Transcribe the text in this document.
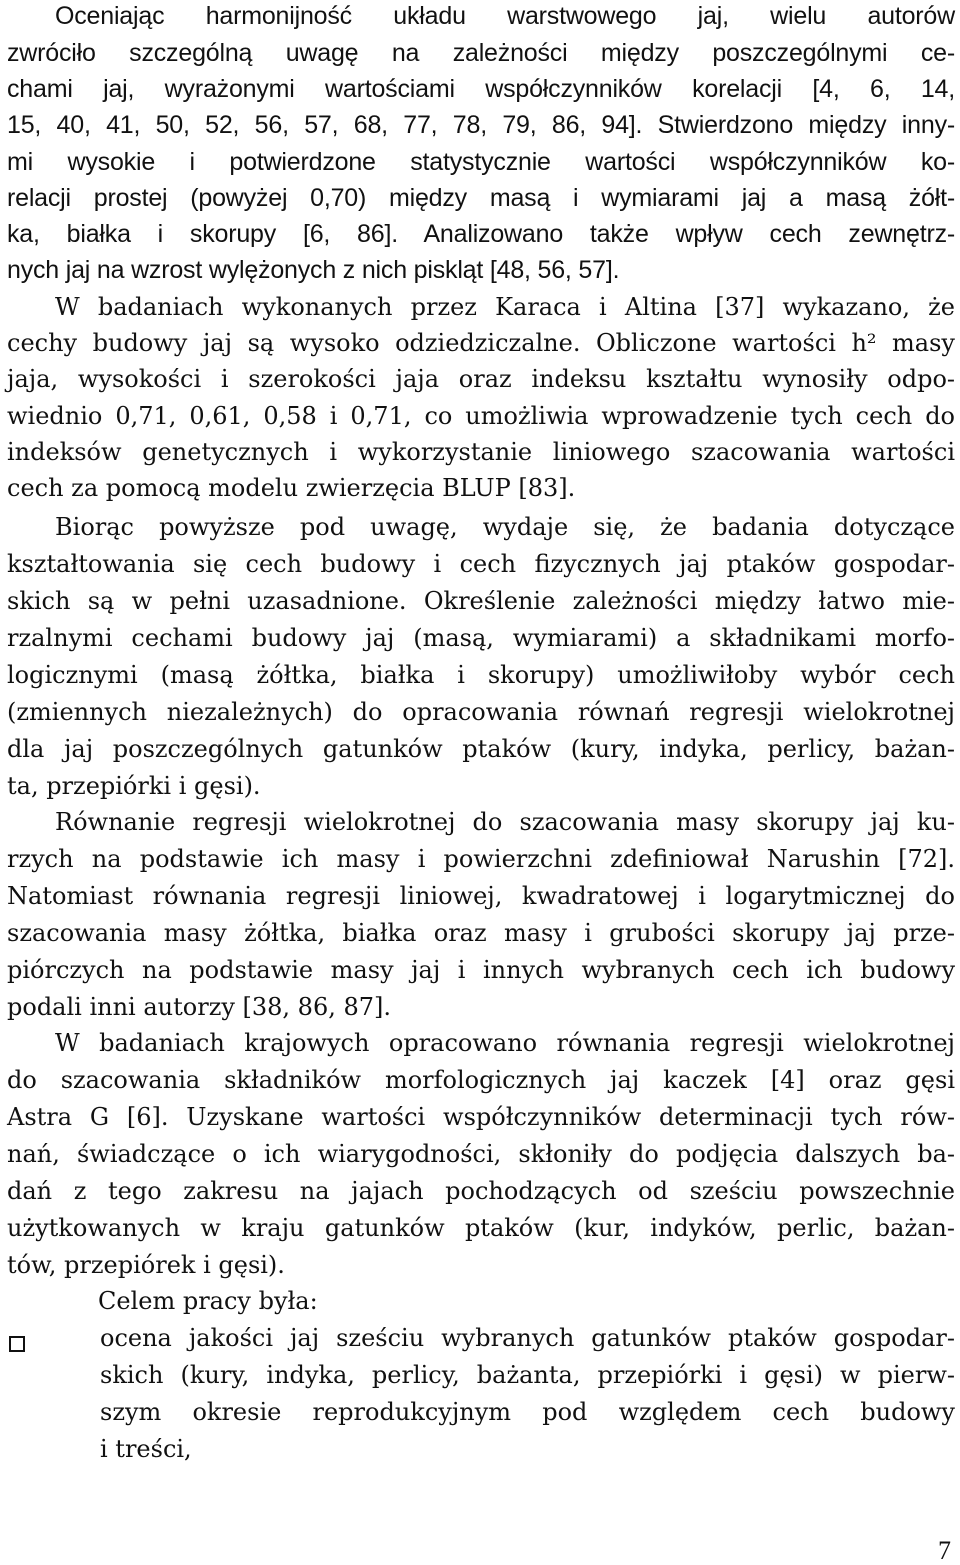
Oceniając harmonijność układu warstwowego jaj, wielu autorów
zwróciło szczególną uwagę na zależności między poszczególnymi ce-
chami jaj, wyrażonymi wartościami współczynników korelacji [4, 6, 14,
15, 40, 41, 50, 52, 56, 57, 68, 77, 78, 79, 86, 94]. Stwierdzono między inny-
mi wysokie i potwierdzone statystycznie wartości współczynników ko-
relacji prostej (powyżej 0,70) między masą i wymiarami jaj a masą żółt-
ka, białka i skorupy [6, 86]. Analizowano także wpływ cech zewnętrz-
nych jaj na wzrost wylężonych z nich piskląt [48, 56, 57].
W badaniach wykonanych przez Karaca i Altina [37] wykazano, że
cechy budowy jaj są wysoko odziedziczalne. Obliczone wartości h² masy
jaja, wysokości i szerokości jaja oraz indeksu kształtu wynosiły odpo-
wiednio 0,71, 0,61, 0,58 i 0,71, co umożliwia wprowadzenie tych cech do
indeksów genetycznych i wykorzystanie liniowego szacowania wartości
cech za pomocą modelu zwierzęcia BLUP [83].
Biorąc powyższe pod uwagę, wydaje się, że badania dotyczące
kształtowania się cech budowy i cech fizycznych jaj ptaków gospodar-
skich są w pełni uzasadnione. Określenie zależności między łatwo mie-
rzalnymi cechami budowy jaj (masą, wymiarami) a składnikami morfo-
logicznymi (masą żółtka, białka i skorupy) umożliwiłoby wybór cech
(zmiennych niezależnych) do opracowania równań regresji wielokrotnej
dla jaj poszczególnych gatunków ptaków (kury, indyka, perlicy, bażan-
ta, przepiórki i gęsi).
Równanie regresji wielokrotnej do szacowania masy skorupy jaj ku-
rzych na podstawie ich masy i powierzchni zdefiniował Narushin [72].
Natomiast równania regresji liniowej, kwadratowej i logarytmicznej do
szacowania masy żółtka, białka oraz masy i grubości skorupy jaj prze-
piórczych na podstawie masy jaj i innych wybranych cech ich budowy
podali inni autorzy [38, 86, 87].
W badaniach krajowych opracowano równania regresji wielokrotnej
do szacowania składników morfologicznych jaj kaczek [4] oraz gęsi
Astra G [6]. Uzyskane wartości współczynników determinacji tych rów-
nań, świadczące o ich wiarygodności, skłoniły do podjęcia dalszych ba-
dań z tego zakresu na jajach pochodzących od sześciu powszechnie
użytkowanych w kraju gatunków ptaków (kur, indyków, perlic, bażan-
tów, przepiórek i gęsi).
Celem pracy była:
ocena jakości jaj sześciu wybranych gatunków ptaków gospodar-
skich (kury, indyka, perlicy, bażanta, przepiórki i gęsi) w pierw-
szym okresie reprodukcyjnym pod względem cech budowy
i treści,
7
